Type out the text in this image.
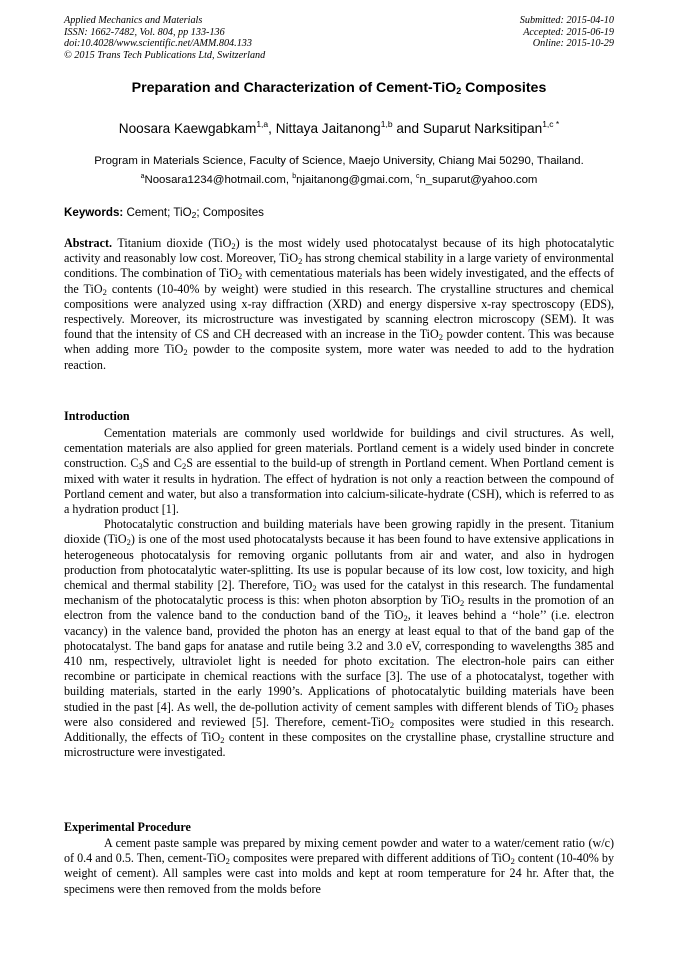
Applied Mechanics and Materials
ISSN: 1662-7482, Vol. 804, pp 133-136
doi:10.4028/www.scientific.net/AMM.804.133
© 2015 Trans Tech Publications Ltd, Switzerland
Submitted: 2015-04-10
Accepted: 2015-06-19
Online: 2015-10-29
Preparation and Characterization of Cement-TiO$_2$ Composites
Noosara Kaewgabkam$^{1,a}$, Nittaya Jaitanong$^{1,b}$ and Suparut Narksitipan$^{1,c *}$
Program in Materials Science, Faculty of Science, Maejo University, Chiang Mai 50290, Thailand.
$^a$Noosara1234@hotmail.com, $^b$njaitanong@gmai.com, $^c$n_suparut@yahoo.com
Keywords: Cement; TiO$_2$; Composites

Abstract. Titanium dioxide (TiO$_2$) is the most widely used photocatalyst because of its high photocatalytic activity and reasonably low cost. Moreover, TiO$_2$ has strong chemical stability in a large variety of environmental conditions. The combination of TiO$_2$ with cementatious materials has been widely investigated, and the effects of the TiO$_2$ contents (10-40% by weight) were studied in this research. The crystalline structures and chemical compositions were analyzed using x-ray diffraction (XRD) and energy dispersive x-ray spectroscopy (EDS), respectively. Moreover, its microstructure was investigated by scanning electron microscopy (SEM). It was found that the intensity of CS and CH decreased with an increase in the TiO$_2$ powder content. This was because when adding more TiO$_2$ powder to the composite system, more water was needed to add to the hydration reaction.

Introduction

Cementation materials are commonly used worldwide for buildings and civil structures. As well, cementation materials are also applied for green materials. Portland cement is a widely used binder in concrete construction. $C_3S$ and $C_2S$ are essential to the build-up of strength in Portland cement. When Portland cement is mixed with water it results in hydration. The effect of hydration is not only a reaction between the compound of Portland cement and water, but also a transformation into calcium-silicate-hydrate (CSH), which is referred to as a hydration product [1].

Photocatalytic construction and building materials have been growing rapidly in the present. Titanium dioxide (TiO$_2$) is one of the most used photocatalysts because it has been found to have extensive applications in heterogeneous photocatalysis for removing organic pollutants from air and water, and also in hydrogen production from photocatalytic water-splitting. Its use is popular because of its low cost, low toxicity, and high chemical and thermal stability [2]. Therefore, TiO$_2$ was used for the catalyst in this research. The fundamental mechanism of the photocatalytic process is this: when photon absorption by TiO$_2$ results in the promotion of an electron from the valence band to the conduction band of the TiO$_2$, it leaves behind a ‘‘hole’’ (i.e. electron vacancy) in the valence band, provided the photon has an energy at least equal to that of the band gap of the photocatalyst. The band gaps for anatase and rutile being 3.2 and 3.0 eV, corresponding to wavelengths 385 and 410 nm, respectively, ultraviolet light is needed for photo excitation. The electron-hole pairs can either recombine or participate in chemical reactions with the surface [3]. The use of a photocatalyst, together with building materials, started in the early 1990’s. Applications of photocatalytic building materials have been studied in the past [4]. As well, the de-pollution activity of cement samples with different blends of TiO$_2$ phases were also considered and reviewed [5]. Therefore, cement-TiO$_2$ composites were studied in this research. Additionally, the effects of TiO$_2$ content in these composites on the crystalline phase, crystalline structure and microstructure were investigated.

Experimental Procedure

A cement paste sample was prepared by mixing cement powder and water to a water/cement ratio (w/c) of 0.4 and 0.5. Then, cement-TiO$_2$ composites were prepared with different additions of TiO$_2$ content (10-40% by weight of cement). All samples were cast into molds and kept at room temperature for 24 hr. After that, the specimens were then removed from the molds before
